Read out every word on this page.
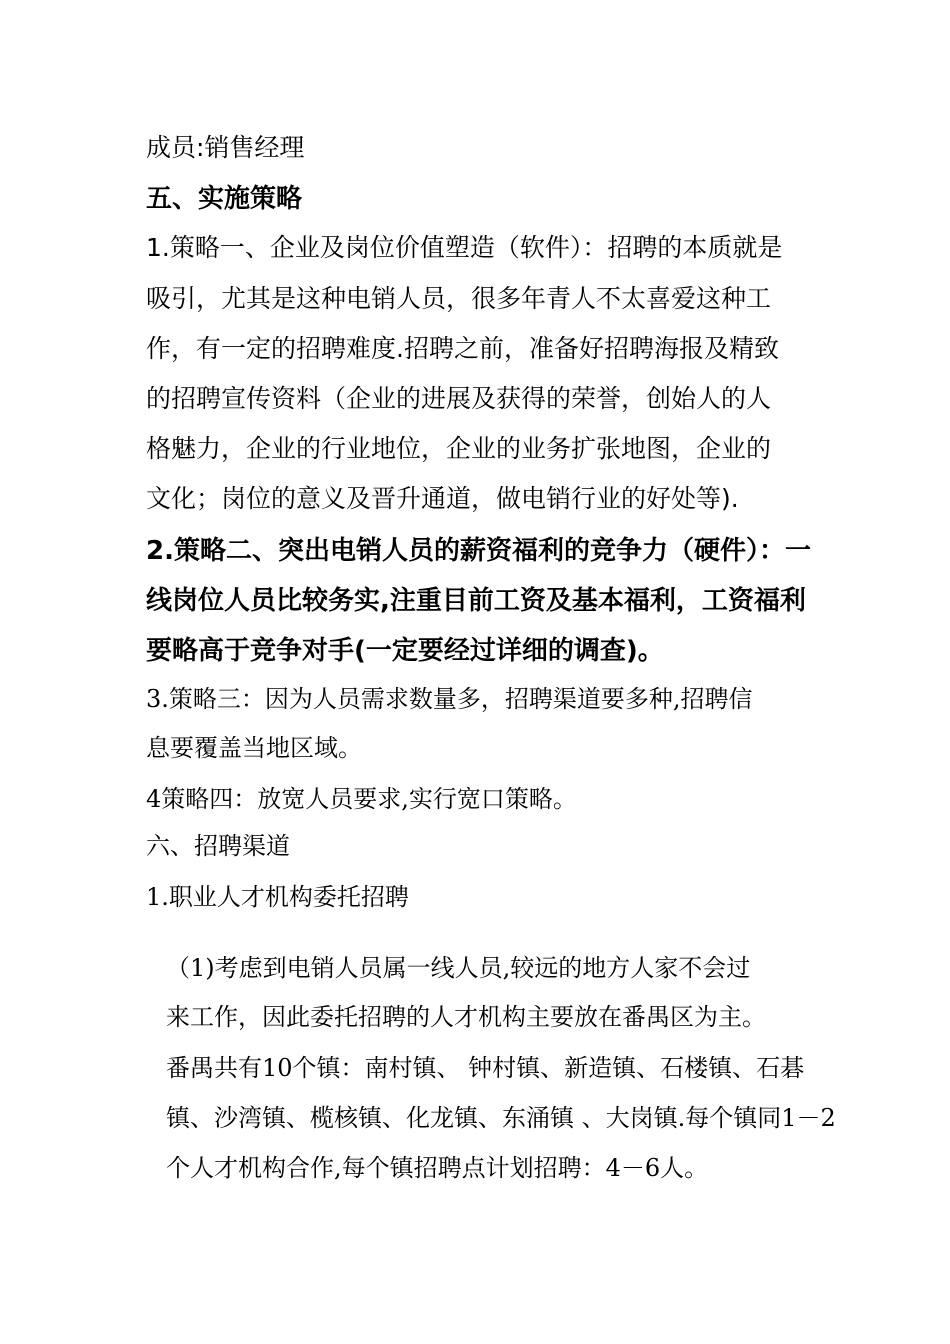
成员:销售经理
五、实施策略
1.策略一、企业及岗位价值塑造（软件）：招聘的本质就是
吸引，尤其是这种电销人员，很多年青人不太喜爱这种工
作，有一定的招聘难度.招聘之前，准备好招聘海报及精致
的招聘宣传资料（企业的进展及获得的荣誉，创始人的人
格魅力，企业的行业地位，企业的业务扩张地图，企业的
文化；岗位的意义及晋升通道，做电销行业的好处等).
2.策略二、突出电销人员的薪资福利的竞争力（硬件）：一
线岗位人员比较务实,注重目前工资及基本福利，工资福利
要略高于竞争对手(一定要经过详细的调查)。
3.策略三：因为人员需求数量多，招聘渠道要多种,招聘信
息要覆盖当地区域。
4策略四：放宽人员要求,实行宽口策略。
六、招聘渠道
1.职业人才机构委托招聘
（1)考虑到电销人员属一线人员,较远的地方人家不会过
来工作，因此委托招聘的人才机构主要放在番禺区为主。
番禺共有10个镇：南村镇、 钟村镇、新造镇、石楼镇、石碁
镇、沙湾镇、榄核镇、化龙镇、东涌镇 、大岗镇.每个镇同1－2
个人才机构合作,每个镇招聘点计划招聘：4－6人。
